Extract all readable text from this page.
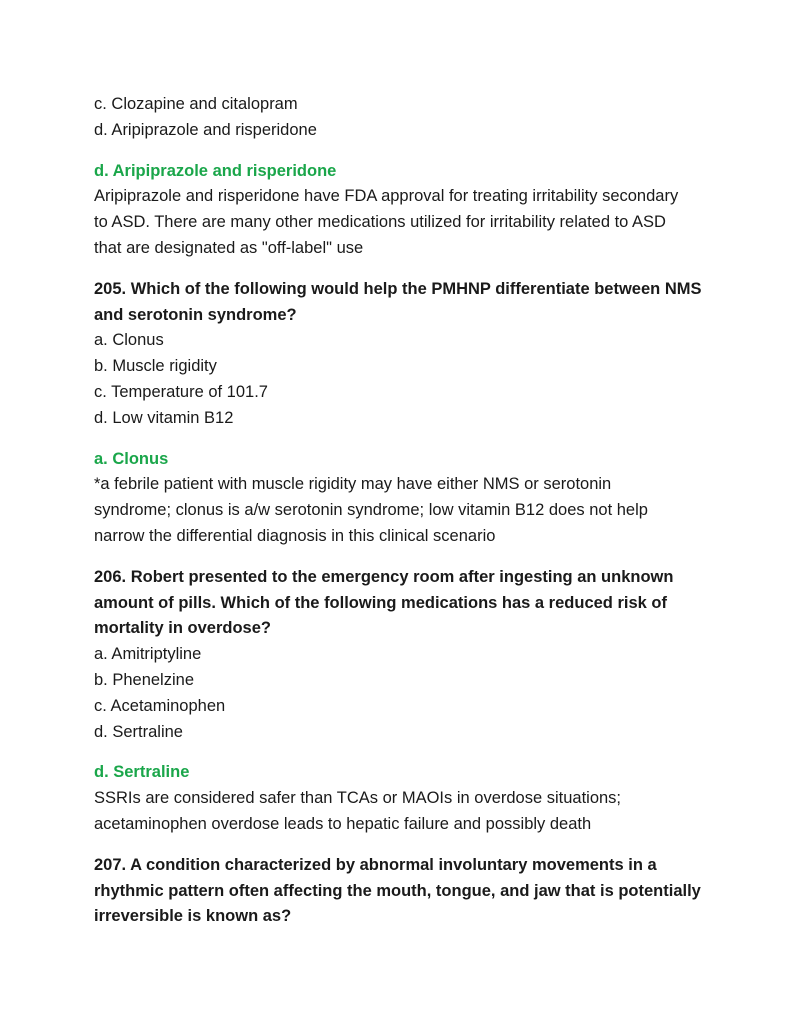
c. Clozapine and citalopram
d. Aripiprazole and risperidone
d. Aripiprazole and risperidone
Aripiprazole and risperidone have FDA approval for treating irritability secondary
to ASD. There are many other medications utilized for irritability related to ASD
that are designated as "off-label" use
205. Which of the following would help the PMHNP differentiate between NMS
and serotonin syndrome?
a. Clonus
b. Muscle rigidity
c. Temperature of 101.7
d. Low vitamin B12
a. Clonus
*a febrile patient with muscle rigidity may have either NMS or serotonin
syndrome; clonus is a/w serotonin syndrome; low vitamin B12 does not help
narrow the differential diagnosis in this clinical scenario
206. Robert presented to the emergency room after ingesting an unknown
amount of pills. Which of the following medications has a reduced risk of
mortality in overdose?
a. Amitriptyline
b. Phenelzine
c. Acetaminophen
d. Sertraline
d. Sertraline
SSRIs are considered safer than TCAs or MAOIs in overdose situations;
acetaminophen overdose leads to hepatic failure and possibly death
207. A condition characterized by abnormal involuntary movements in a
rhythmic pattern often affecting the mouth, tongue, and jaw that is potentially
irreversible is known as?
